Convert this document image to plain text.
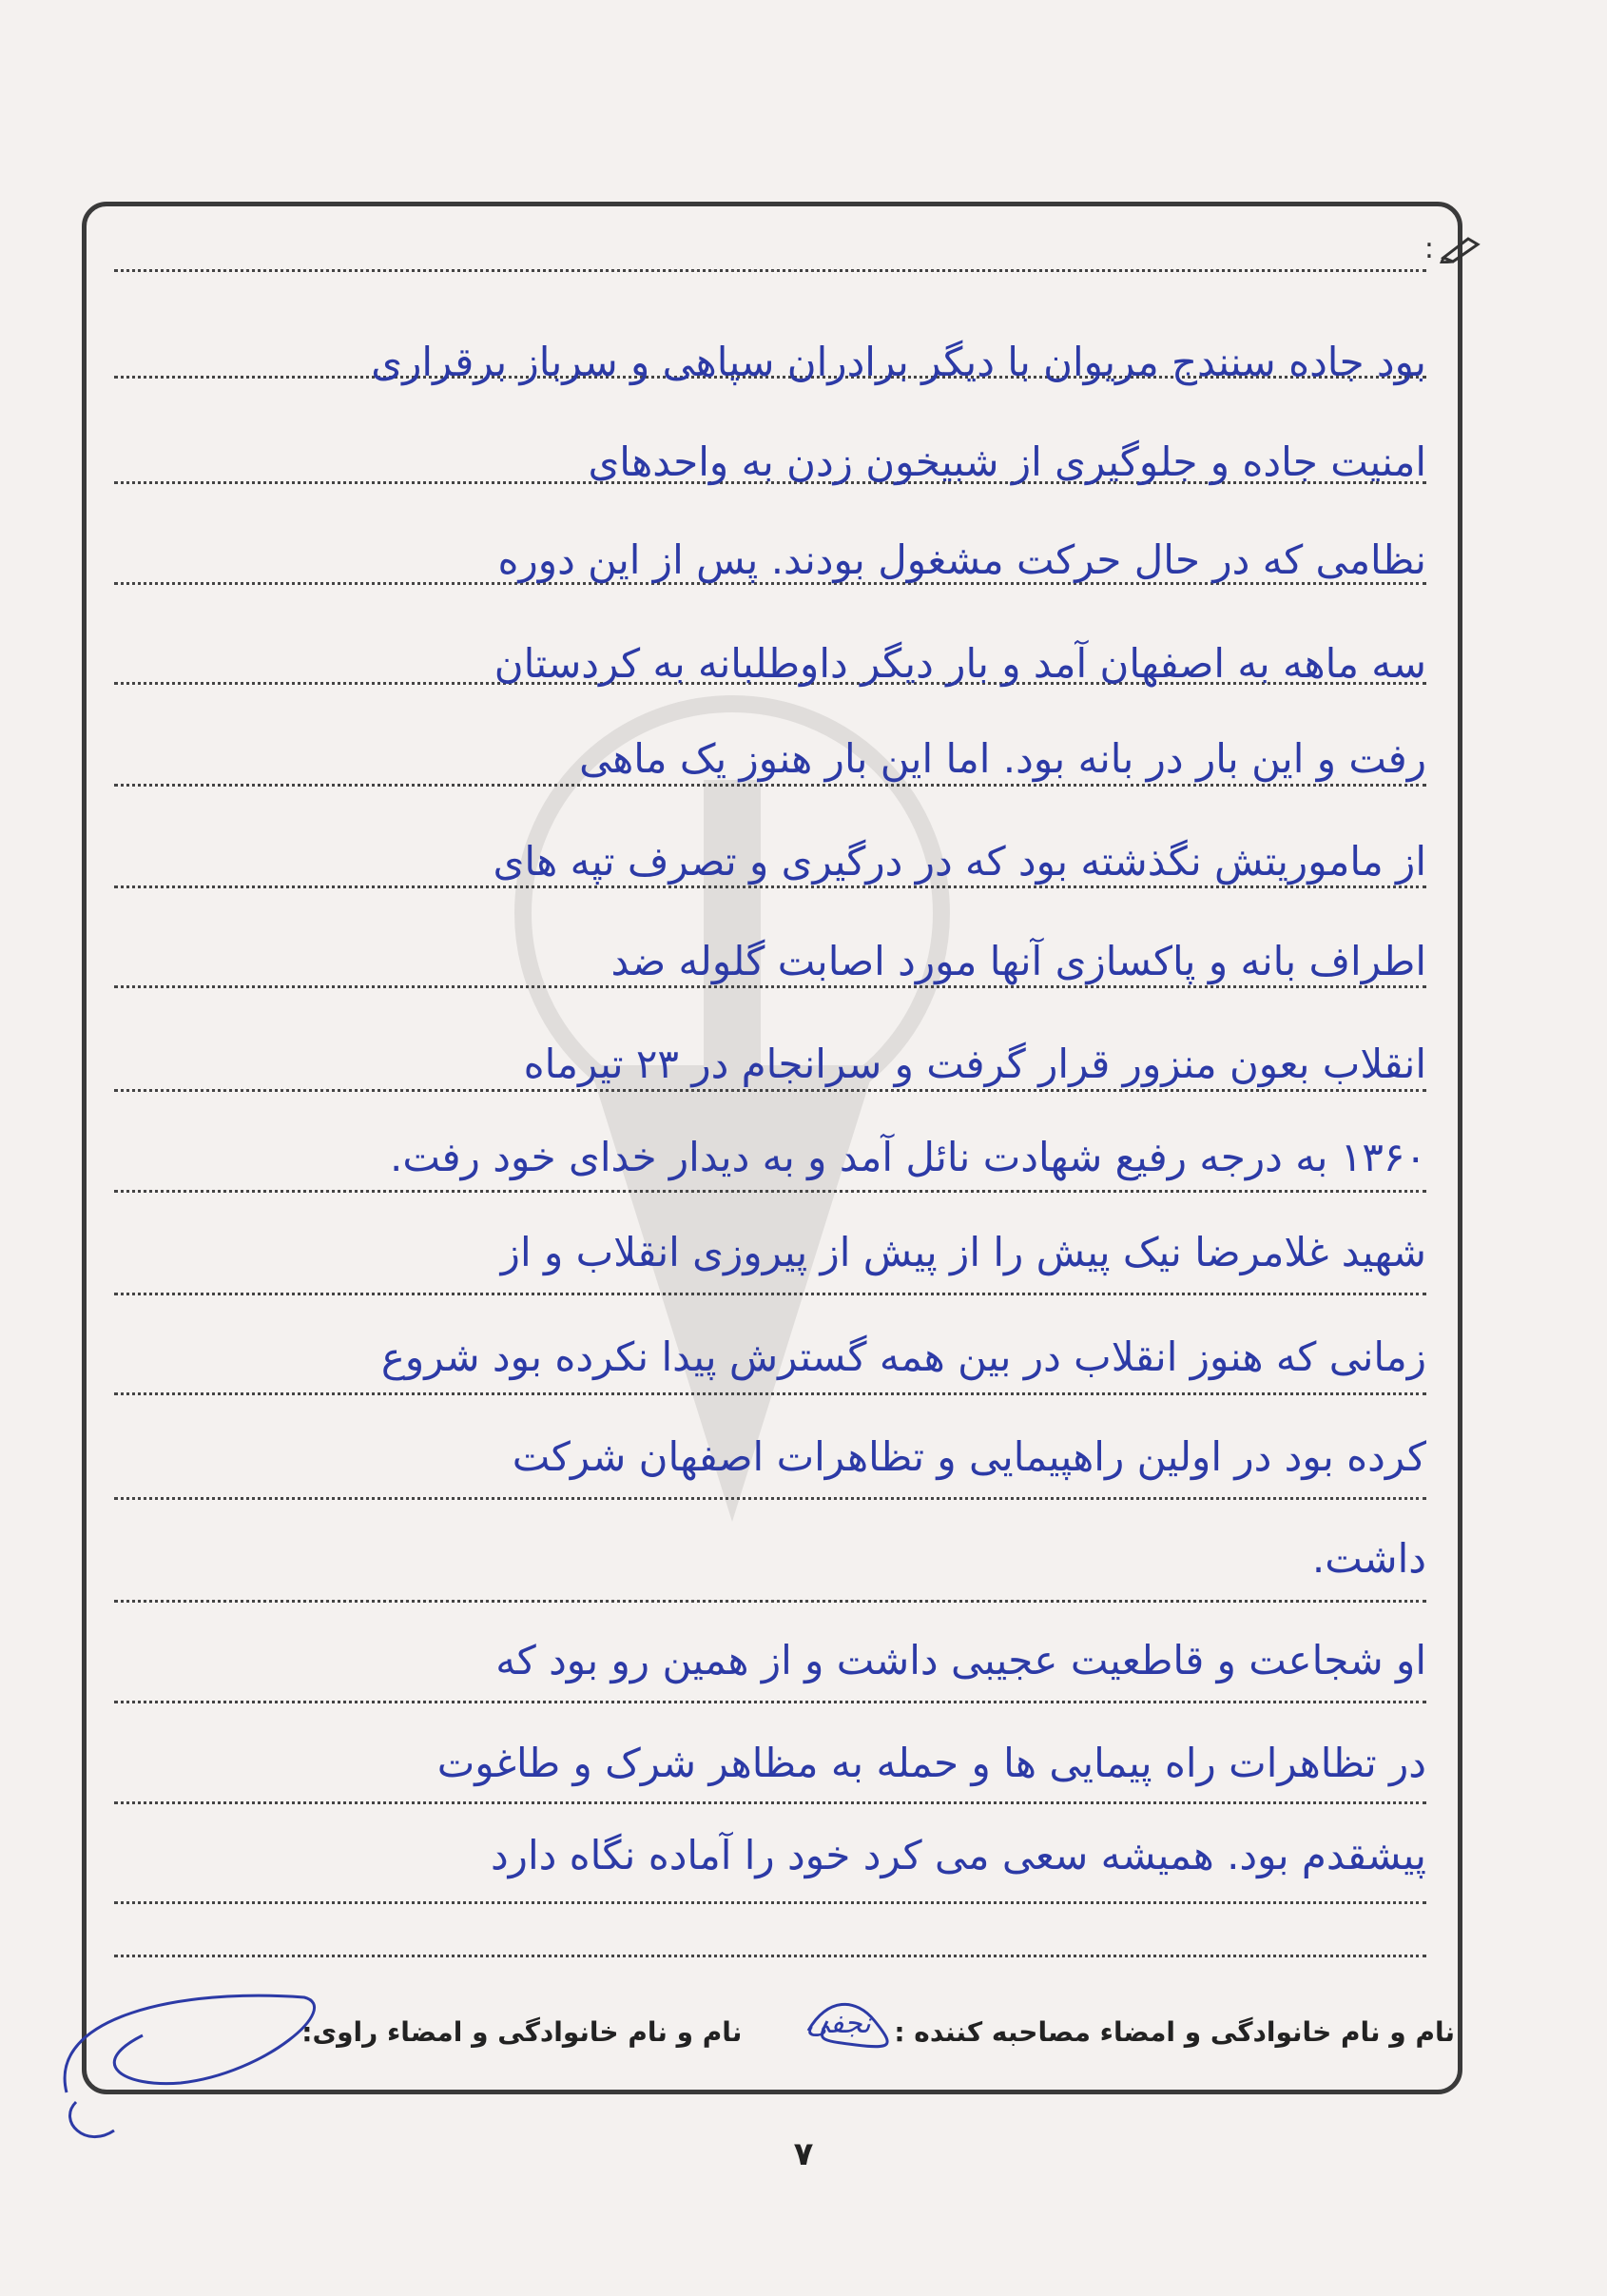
:
بود جاده سنندج مریوان با دیگر برادران سپاهی و سرباز برقراری
امنیت جاده و جلوگیری از شبیخون زدن به واحدهای
نظامی که در حال حرکت مشغول بودند. پس از این دوره
سه ماهه به اصفهان آمد و بار دیگر داوطلبانه به کردستان
رفت و این بار در بانه بود. اما این بار هنوز یک ماهی
از ماموریتش نگذشته بود که در درگیری و تصرف تپه های
اطراف بانه و پاکسازی آنها مورد اصابت گلوله ضد
انقلاب بعون منزور قرار گرفت و سرانجام در ۲۳ تیرماه
۱۳۶۰ به درجه رفیع شهادت نائل آمد و به دیدار خدای خود رفت.
شهید غلامرضا نیک پیش را از پیش از پیروزی انقلاب و از
زمانی که هنوز انقلاب در بین همه گسترش پیدا نکرده بود شروع
کرده بود در اولین راهپیمایی و تظاهرات اصفهان شرکت
داشت.
او شجاعت و قاطعیت عجیبی داشت و از همین رو بود که
در تظاهرات راه پیمایی ها و حمله به مظاهر شرک و طاغوت
پیشقدم بود. همیشه سعی می کرد خود را آماده نگاه دارد
نام و نام خانوادگی و امضاء مصاحبه کننده :
نام و نام خانوادگی و امضاء راوی: نجفی
۷
